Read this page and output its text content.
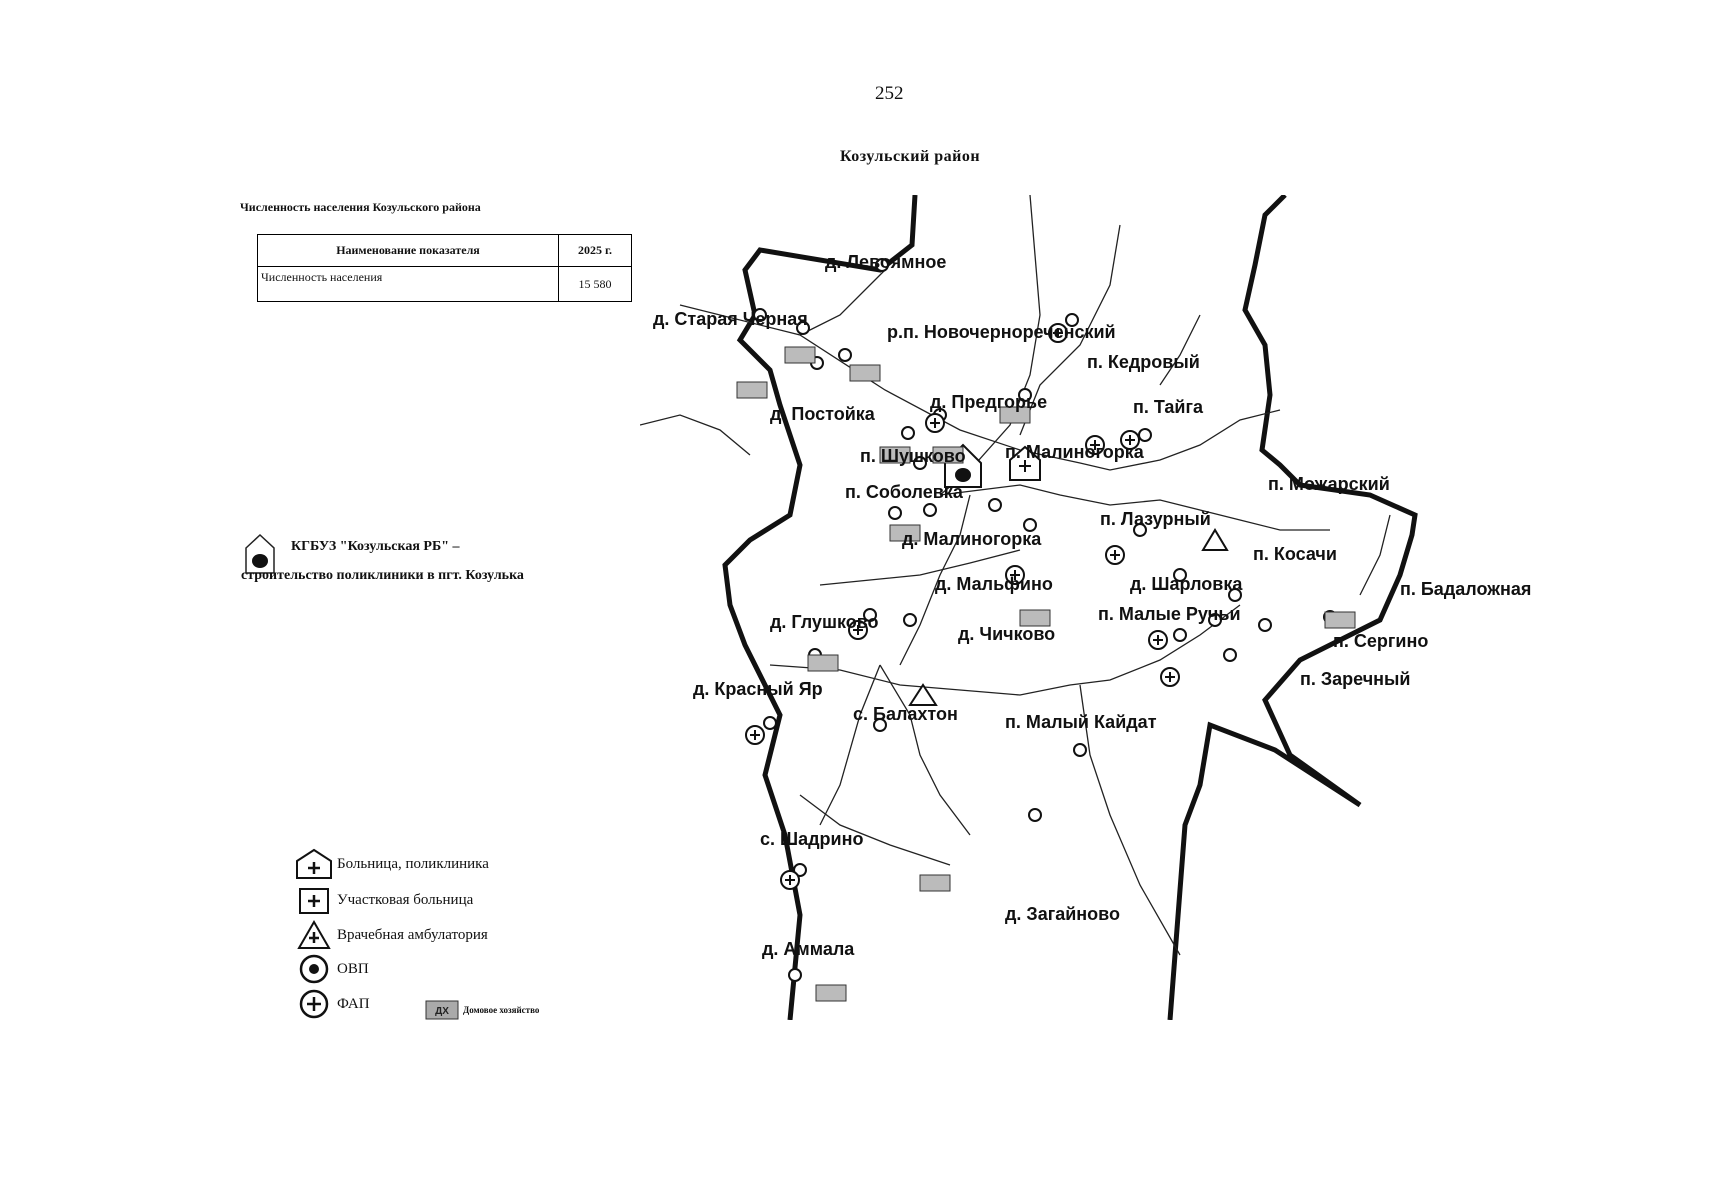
252
Козульский район
Численность населения Козульского района
Наименование показателя	2025 г.
Численность населения	15 580
КГБУЗ "Козульская РБ" –
строительство поликлиники в пгт. Козулька
д. Левоямное
д. Старая Черная
р.п. Новочерноречeнский
п. Кедровый
д. Постойка
д. Предгорье	п. Тайга
п. Шушково п. Малиногорка
п. Можарский
п. Соболевка
п. Лазурный
д. Малиногорка
п. Косачи
д. Шарловка
д. Мальфино	п. Бадаложная
п. Малые Ручьи
д. Глушково
д. Чичково	п. Сергино
п. Заречный
д. Красный Яр
с. Балахтон	п. Малый Кайдат
с. Шадрино
д. Загайново
д. Аммала
Больница, поликлиника
Участковая больница
Врачебная амбулатория
ОВП
ФАП	ДХ Домовое хозяйство
